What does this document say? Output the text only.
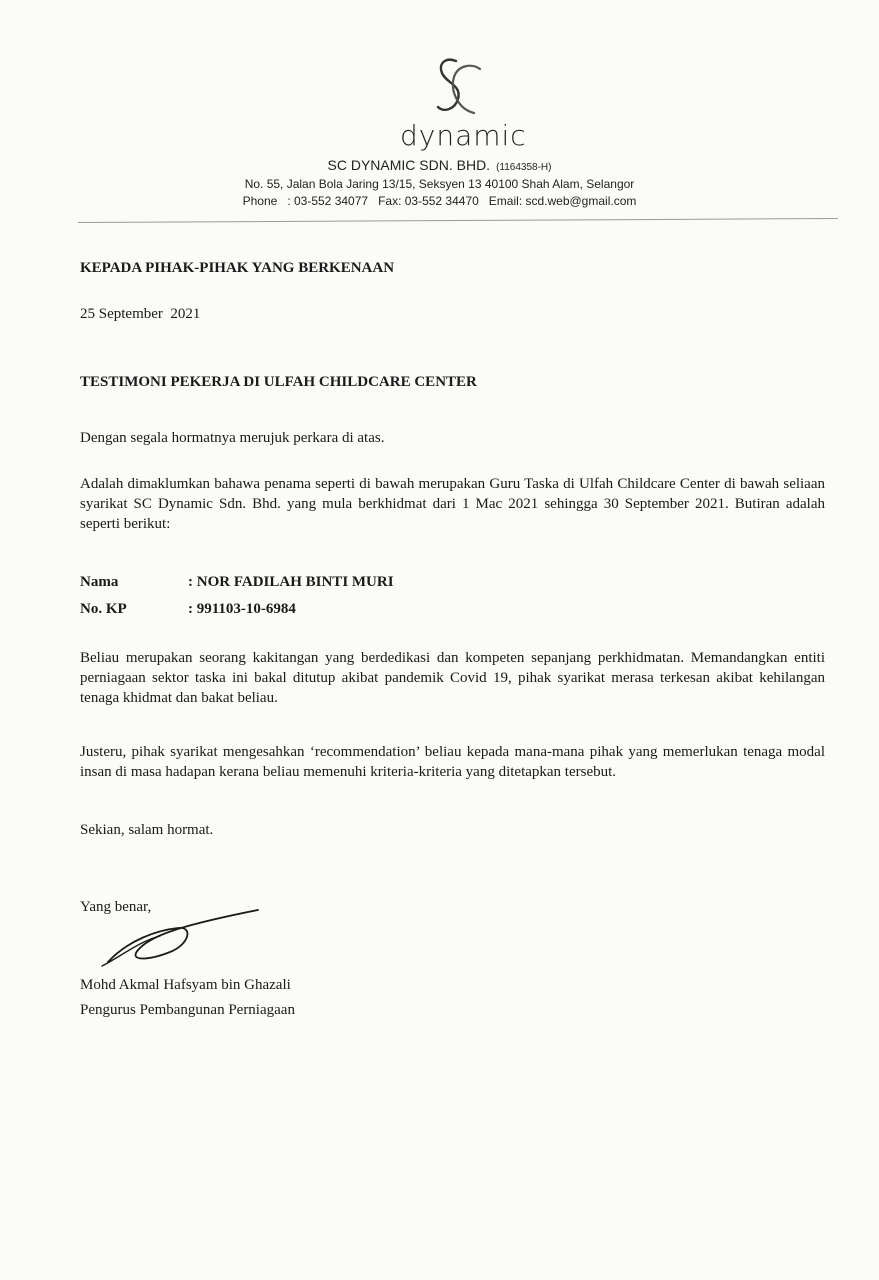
dynamic
SC DYNAMIC SDN. BHD. (1164358-H)
No. 55, Jalan Bola Jaring 13/15, Seksyen 13 40100 Shah Alam, Selangor
Phone   : 03-552 34077   Fax: 03-552 34470   Email: scd.web@gmail.com
KEPADA PIHAK-PIHAK YANG BERKENAAN
25 September  2021
TESTIMONI PEKERJA DI ULFAH CHILDCARE CENTER
Dengan segala hormatnya merujuk perkara di atas.
Adalah dimaklumkan bahawa penama seperti di bawah merupakan Guru Taska di Ulfah Childcare Center di bawah seliaan syarikat SC Dynamic Sdn. Bhd. yang mula berkhidmat dari 1 Mac 2021 sehingga 30 September 2021. Butiran adalah seperti berikut:
Nama	: NOR FADILAH BINTI MURI
No. KP	: 991103-10-6984
Beliau merupakan seorang kakitangan yang berdedikasi dan kompeten sepanjang perkhidmatan. Memandangkan entiti perniagaan sektor taska ini bakal ditutup akibat pandemik Covid 19, pihak syarikat merasa terkesan akibat kehilangan tenaga khidmat dan bakat beliau.
Justeru, pihak syarikat mengesahkan ‘recommendation’ beliau kepada mana-mana pihak yang memerlukan tenaga modal insan di masa hadapan kerana beliau memenuhi kriteria-kriteria yang ditetapkan tersebut.
Sekian, salam hormat.
Yang benar,
Mohd Akmal Hafsyam bin Ghazali
Pengurus Pembangunan Perniagaan
